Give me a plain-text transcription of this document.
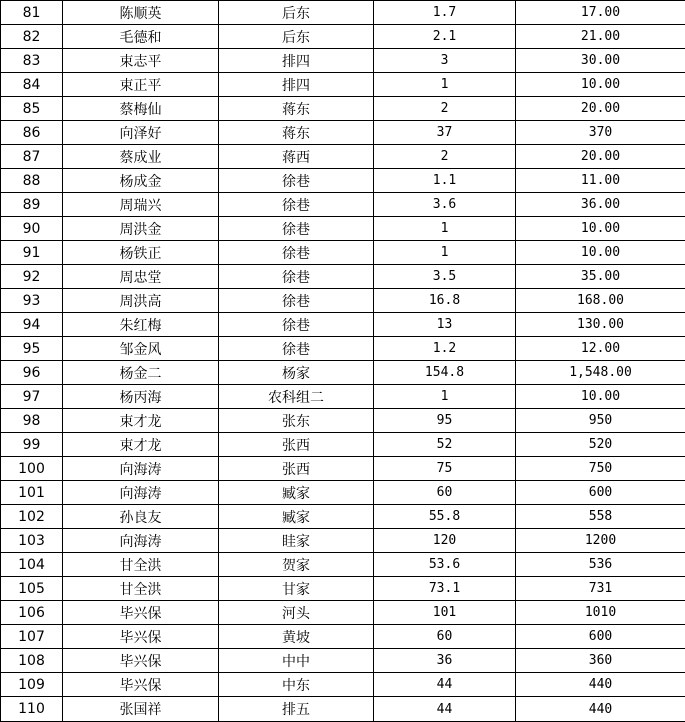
81	陈顺英	后东	1.7	17.00
82	毛德和	后东	2.1	21.00
83	束志平	排四	3	30.00
84	束正平	排四	1	10.00
85	蔡梅仙	蒋东	2	20.00
86	向泽好	蒋东	37	370
87	蔡成业	蒋西	2	20.00
88	杨成金	徐巷	1.1	11.00
89	周瑞兴	徐巷	3.6	36.00
90	周洪金	徐巷	1	10.00
91	杨铁正	徐巷	1	10.00
92	周忠堂	徐巷	3.5	35.00
93	周洪高	徐巷	16.8	168.00
94	朱红梅	徐巷	13	130.00
95	邹金风	徐巷	1.2	12.00
96	杨金二	杨家	154.8	1,548.00
97	杨丙海	农科组二	1	10.00
98	束才龙	张东	95	950
99	束才龙	张西	52	520
100	向海涛	张西	75	750
101	向海涛	臧家	60	600
102	孙良友	臧家	55.8	558
103	向海涛	眭家	120	1200
104	甘全洪	贺家	53.6	536
105	甘全洪	甘家	73.1	731
106	毕兴保	河头	101	1010
107	毕兴保	黄坡	60	600
108	毕兴保	中中	36	360
109	毕兴保	中东	44	440
110	张国祥	排五	44	440
